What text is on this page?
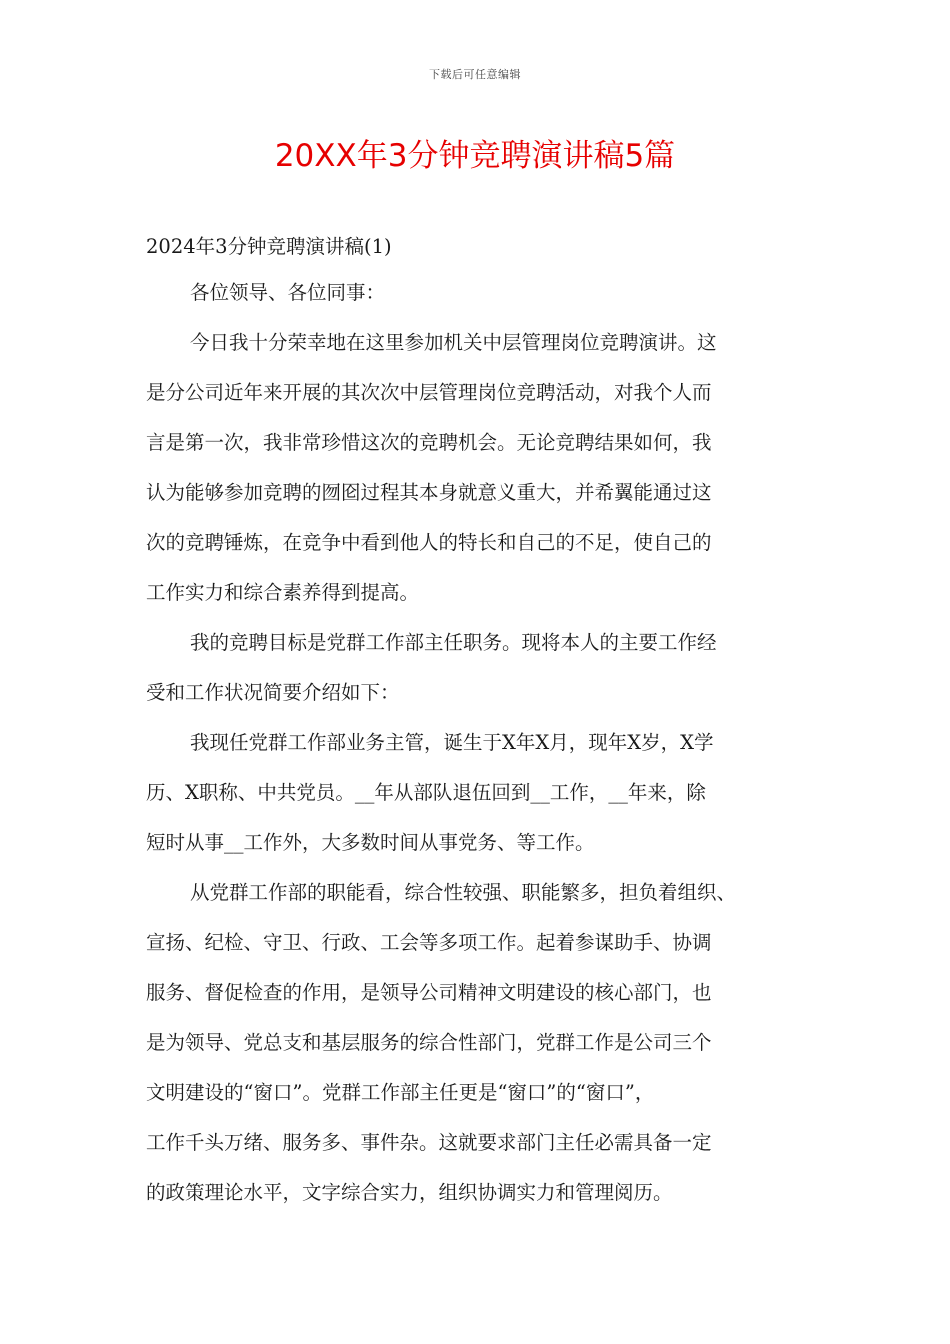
下载后可任意编辑
20XX年3分钟竞聘演讲稿5篇

2024年3分钟竞聘演讲稿(1)

各位领导、各位同事：

今日我十分荣幸地在这里参加机关中层管理岗位竞聘演讲。这
是分公司近年来开展的其次次中层管理岗位竞聘活动，对我个人而
言是第一次，我非常珍惜这次的竞聘机会。无论竞聘结果如何，我
认为能够参加竞聘的囫囵过程其本身就意义重大，并希翼能通过这
次的竞聘锤炼，在竞争中看到他人的特长和自己的不足，使自己的
工作实力和综合素养得到提高。

我的竞聘目标是党群工作部主任职务。现将本人的主要工作经
受和工作状况简要介绍如下：

我现任党群工作部业务主管，诞生于X年X月，现年X岁，X学
历、X职称、中共党员。__年从部队退伍回到__工作，__年来，除
短时从事__工作外，大多数时间从事党务、等工作。

从党群工作部的职能看，综合性较强、职能繁多，担负着组织、
宣扬、纪检、守卫、行政、工会等多项工作。起着参谋助手、协调
服务、督促检查的作用，是领导公司精神文明建设的核心部门，也
是为领导、党总支和基层服务的综合性部门，党群工作是公司三个
文明建设的“窗口”。党群工作部主任更是“窗口”的“窗口”，
工作千头万绪、服务多、事件杂。这就要求部门主任必需具备一定
的政策理论水平，文字综合实力，组织协调实力和管理阅历。
